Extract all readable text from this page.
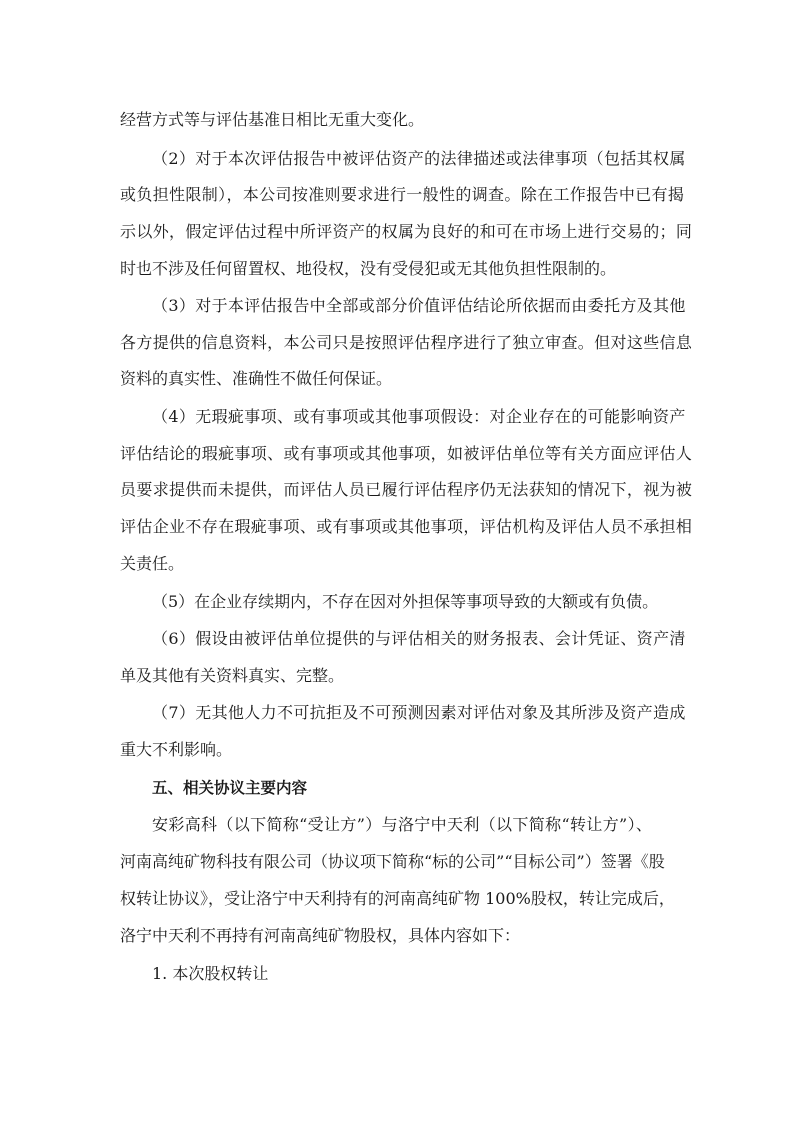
经营方式等与评估基准日相比无重大变化。
（2）对于本次评估报告中被评估资产的法律描述或法律事项（包括其权属
或负担性限制），本公司按准则要求进行一般性的调查。除在工作报告中已有揭
示以外，假定评估过程中所评资产的权属为良好的和可在市场上进行交易的；同
时也不涉及任何留置权、地役权，没有受侵犯或无其他负担性限制的。
（3）对于本评估报告中全部或部分价值评估结论所依据而由委托方及其他
各方提供的信息资料，本公司只是按照评估程序进行了独立审查。但对这些信息
资料的真实性、准确性不做任何保证。
（4）无瑕疵事项、或有事项或其他事项假设：对企业存在的可能影响资产
评估结论的瑕疵事项、或有事项或其他事项，如被评估单位等有关方面应评估人
员要求提供而未提供，而评估人员已履行评估程序仍无法获知的情况下，视为被
评估企业不存在瑕疵事项、或有事项或其他事项，评估机构及评估人员不承担相
关责任。
（5）在企业存续期内，不存在因对外担保等事项导致的大额或有负债。
（6）假设由被评估单位提供的与评估相关的财务报表、会计凭证、资产清
单及其他有关资料真实、完整。
（7）无其他人力不可抗拒及不可预测因素对评估对象及其所涉及资产造成
重大不利影响。
五、相关协议主要内容
安彩高科（以下简称“受让方”）与洛宁中天利（以下简称“转让方”）、
河南高纯矿物科技有限公司（协议项下简称“标的公司”“目标公司”）签署《股
权转让协议》，受让洛宁中天利持有的河南高纯矿物 100%股权，转让完成后，
洛宁中天利不再持有河南高纯矿物股权，具体内容如下：
1. 本次股权转让
